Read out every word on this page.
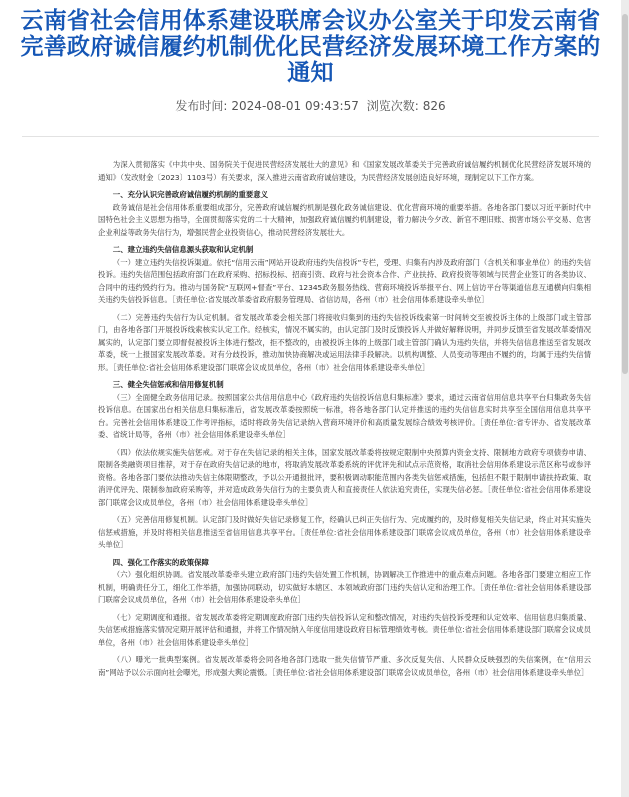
云南省社会信用体系建设联席会议办公室关于印发云南省完善政府诚信履约机制优化民营经济发展环境工作方案的通知
发布时间: 2024-08-01 09:43:57 浏览次数: 826

为深入贯彻落实《中共中央、国务院关于促进民营经济发展壮大的意见》和《国家发展改革委关于完善政府诚信履约机制优化民营经济发展环境的通知》（发改财金〔2023〕1103号）有关要求，深入推进云南省政府诚信建设，为民营经济发展创造良好环境，现制定以下工作方案。

一、充分认识完善政府诚信履约机制的重要意义

政务诚信是社会信用体系重要组成部分，完善政府诚信履约机制是强化政务诚信建设、优化营商环境的重要举措。各地各部门要以习近平新时代中国特色社会主义思想为指导，全面贯彻落实党的二十大精神，加强政府诚信履约机制建设，着力解决今夕改、新官不理旧账、损害市场公平交易、危害企业利益等政务失信行为，增强民营企业投资信心，推动民营经济发展壮大。

二、建立违约失信信息源头获取和认定机制

（一）建立违约失信投诉渠道。依托“信用云南”网站开设政府违约失信投诉”专栏，受理、归集有内涉及政府部门（含机关和事业单位）的违约失信投诉。违约失信范围包括政府部门在政府采购、招标投标、招商引资、政府与社会资本合作、产业扶持、政府投资等领域与民营企业签订的各类协议、合同中的违约毁约行为。推动与国务院“互联网+督查”平台、12345政务服务热线、营商环境投诉举报平台、网上信访平台等渠道信息互通横向归集相关违约失信投诉信息。［责任单位:省发展改革委省政府服务管理局、省信访局，各州（市）社会信用体系建设牵头单位］

（二）完善违约失信行为认定机制。省发展改革委会相关部门将接收归集到的违约失信投诉线索第一时间转交至被投诉主体的上级部门或主管部门，由各地各部门开展投诉线索核实认定工作。经核实，情况不属实的，由认定部门及时反馈投诉人并做好解释说明，并同步反馈至省发展改革委情况属实的，认定部门要立即督促被投诉主体进行整改，拒不整改的，由被投诉主体的上级部门或主管部门确认为违约失信，并将失信信息推送至省发展改革委，统一上报国家发展改革委。对有分歧投诉，推动加快协商解决或运用法律手段解决。以机构调整、人员变动等理由不履约的，均属于违约失信情形。［责任单位:省社会信用体系建设部门联席会议成员单位，各州（市）社会信用体系建设牵头单位］

三、健全失信惩戒和信用修复机制

（三）全面健全政务信用记录。按照国家公共信用信息中心《政府违约失信投诉信息归集标准》要求，通过云南省信用信息共享平台归集政务失信投诉信息。在国家出台相关信息归集标准后，省发展改革委按照统一标准，将各地各部门认定并推送的违约失信信息实时共享至全国信用信息共享平台。完善社会信用体系建设工作考评指标，适时将政务失信记录纳入营商环境评价和高质量发展综合绩效考核评价。［责任单位:省专评办、省发展改革委、省统计局等，各州（市）社会信用体系建设牵头单位］

（四）依法依规实施失信惩戒。对于存在失信记录的相关主体，国家发展改革委将按规定限制中央预算内资金支持、限制地方政府专项债券申请、限制各类融资项目推荐，对于存在政府失信记录的地市，将取消发展改革委系统的评优评先和试点示范资格，取消社会信用体系建设示范区称号或参评资格。各地各部门要依法推动失信主体限期整改，予以公开通报批评，要积极调动职能范围内各类失信惩戒措施，包括但不限于限制申请扶持政策、取消评优评先、限制参加政府采购等，并对造成政务失信行为的主要负责人和直接责任人依法追究责任，实现失信必惩。［责任单位:省社会信用体系建设部门联席会议成员单位，各州（市）社会信用体系建设牵头单位］

（五）完善信用修复机制。认定部门及时做好失信记录修复工作，经确认已纠正失信行为、完成履约的，及时修复相关失信记录，终止对其实施失信惩戒措施，并及时将相关信息推送至省信用信息共享平台。［责任单位:省社会信用体系建设部门联席会议成员单位，各州（市）社会信用体系建设牵头单位］

四、强化工作落实的政策保障

（六）强化组织协调。省发展改革委牵头建立政府部门违约失信处置工作机制，协调解决工作推进中的重点难点问题。各地各部门要建立相应工作机制，明确责任分工，细化工作举措，加强协同联动，切实做好本辖区、本领域政府部门违约失信认定和治理工作。［责任单位:省社会信用体系建设部门联席会议成员单位，各州（市）社会信用体系建设牵头单位］

（七）定期调度和通报。省发展改革委将定期调度政府部门违约失信投诉认定和整改情况，对违约失信投诉受理和认定效率、信用信息归集质量、失信惩戒措施落实情况定期开展评估和通报，并将工作情况纳入年度信用建设政府目标管理绩效考核。责任单位:省社会信用体系建设部门联席会议成员单位，各州（市）社会信用体系建设牵头单位］

（八）曝光一批典型案例。省发展改革委将会同各地各部门选取一批失信情节严重、多次反复失信、人民群众反映强烈的失信案例，在“信用云南”网站予以公示面向社会曝光，形成强大舆论震慑。［责任单位:省社会信用体系建设部门联席会议成员单位，各州（市）社会信用体系建设牵头单位］
